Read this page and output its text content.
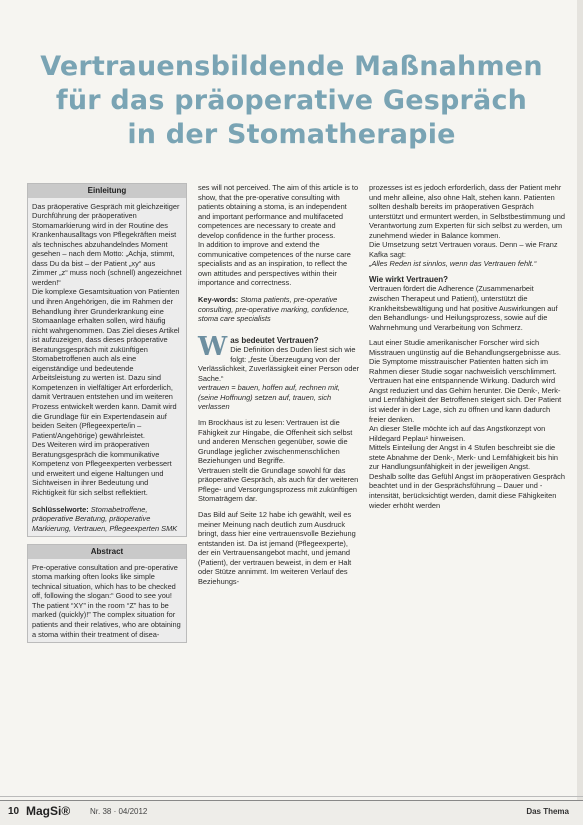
Vertrauensbildende Maßnahmen
für das präoperative Gespräch
in der Stomatherapie
Einleitung

Das präoperative Gespräch mit gleichzeitiger Durchführung der präoperativen Stomamarkierung wird in der Routine des Krankenhausalltags von Pflegekräften meist als technisches abzuhandelndes Moment gesehen – nach dem Motto: „Achja, stimmt, dass Du da bist – der Patient „xy“ aus Zimmer „z“ muss noch (schnell) angezeichnet werden!“

Die komplexe Gesamtsituation von Patienten und ihren Angehörigen, die im Rahmen der Behandlung ihrer Grunderkrankung eine Stomaanlage erhalten sollen, wird häufig nicht wahrgenommen. Das Ziel dieses Artikel ist aufzuzeigen, dass dieses präoperative Beratungsgespräch mit zukünftigen Stomabetroffenen auch als eine eigenständige und bedeutende Arbeitsleistung zu werten ist. Dazu sind Kompetenzen in vielfältiger Art erforderlich, damit Vertrauen entstehen und im weiteren Prozess entwickelt werden kann. Damit wird die Grundlage für ein Expertendasein auf beiden Seiten (Pflegeexperte/in – Patient/Angehörige) gewährleistet.

Des Weiteren wird im präoperativen Beratungsgespräch die kommunikative Kompetenz von Pflegeexperten verbessert und erweitert und eigene Haltungen und Sichtweisen in ihrer Bedeutung und Richtigkeit für sich selbst reflektiert.

Schlüsselworte: Stomabetroffene, präoperative Beratung, präoperative Markierung, Vertrauen, Pflegeexperten SMK

Abstract

Pre-operative consultation and pre-operative stoma marking often looks like simple technical situation, which has to be checked off, following the slogan:“ Good to see you! The patient “XY” in the room “Z” has to be marked (quickly)!” The complex situation for patients and their relatives, who are obtaining a stoma within their treatment of disea-

ses will not perceived. The aim of this article is to show, that the pre-operative consulting with patients obtaining a stoma, is an independent and important performance and multifaceted competences are necessary to create and develop confidence in the further process.

In addition to improve and extend the communicative competences of the nurse care specialists and as an inspiration, to reflect the own attitudes and perspectives within their importance and correctness.

Key-words: Stoma patients, pre-operative consulting, pre-operative marking, confidence, stoma care specialists

W as bedeutet Vertrauen?

Die Definition des Duden liest sich wie folgt: „feste Überzeugung von der Verlässlichkeit, Zuverlässigkeit einer Person oder Sache.“

vertrauen = bauen, hoffen auf, rechnen mit, (seine Hoffnung) setzen auf, trauen, sich verlassen

Im Brockhaus ist zu lesen: Vertrauen ist die Fähigkeit zur Hingabe, die Offenheit sich selbst und anderen Menschen gegenüber, sowie die Grundlage jeglicher zwischenmenschlichen Beziehungen und Begriffe.

Vertrauen stellt die Grundlage sowohl für das präoperative Gespräch, als auch für der weiteren Pflege- und Versorgungsprozess mit zukünftigen Stomaträgern dar.

Das Bild auf Seite 12 habe ich gewählt, weil es meiner Meinung nach deutlich zum Ausdruck bringt, dass hier eine vertrauensvolle Beziehung entstanden ist. Da ist jemand (Pflegeexperte), der ein Vertrauensangebot macht, und jemand (Patient), der vertrauen beweist, in dem er Halt oder Stütze annimmt. Im weiteren Verlauf des Beziehungs-

prozesses ist es jedoch erforderlich, dass der Patient mehr und mehr alleine, also ohne Halt, stehen kann. Patienten sollten deshalb bereits im präoperativen Gespräch unterstützt und ermuntert werden, in Selbstbestimmung und Verantwortung zum Experten für sich selbst zu werden, um zunehmend wieder in Balance kommen.

Die Umsetzung setzt Vertrauen voraus. Denn – wie Franz Kafka sagt:

„Alles Reden ist sinnlos, wenn das Vertrauen fehlt.“

Wie wirkt Vertrauen?

Vertrauen fördert die Adherence (Zusammenarbeit zwischen Therapeut und Patient), unterstützt die Krankheitsbewältigung und hat positive Auswirkungen auf den Behandlungs- und Heilungsprozess, sowie auf die Wahrnehmung und Verarbeitung von Schmerz.

Laut einer Studie amerikanischer Forscher wird sich Misstrauen ungünstig auf die Behandlungsergebnisse aus. Die Symptome misstrauischer Patienten hatten sich im Rahmen dieser Studie sogar nachweislich verschlimmert.

Vertrauen hat eine entspannende Wirkung. Dadurch wird Angst reduziert und das Gehirn herunter. Die Denk-, Merk- und Lernfähigkeit der Betroffenen steigert sich. Der Patient ist wieder in der Lage, sich zu öffnen und kann dadurch freier denken.

An dieser Stelle möchte ich auf das Angstkonzept von Hildegard Peplau¹ hinweisen.

Mittels Einteilung der Angst in 4 Stufen beschreibt sie die stete Abnahme der Denk-, Merk- und Lernfähigkeit bis hin zur Handlungsunfähigkeit in der jeweiligen Angst.

Deshalb sollte das Gefühl Angst im präoperativen Gespräch beachtet und in der Gesprächsführung – Dauer und -intensität, berücksichtigt werden, damit diese Fähigkeiten wieder erhöht werden

10 MagSi® Nr. 38 · 04/2012	Das Thema
